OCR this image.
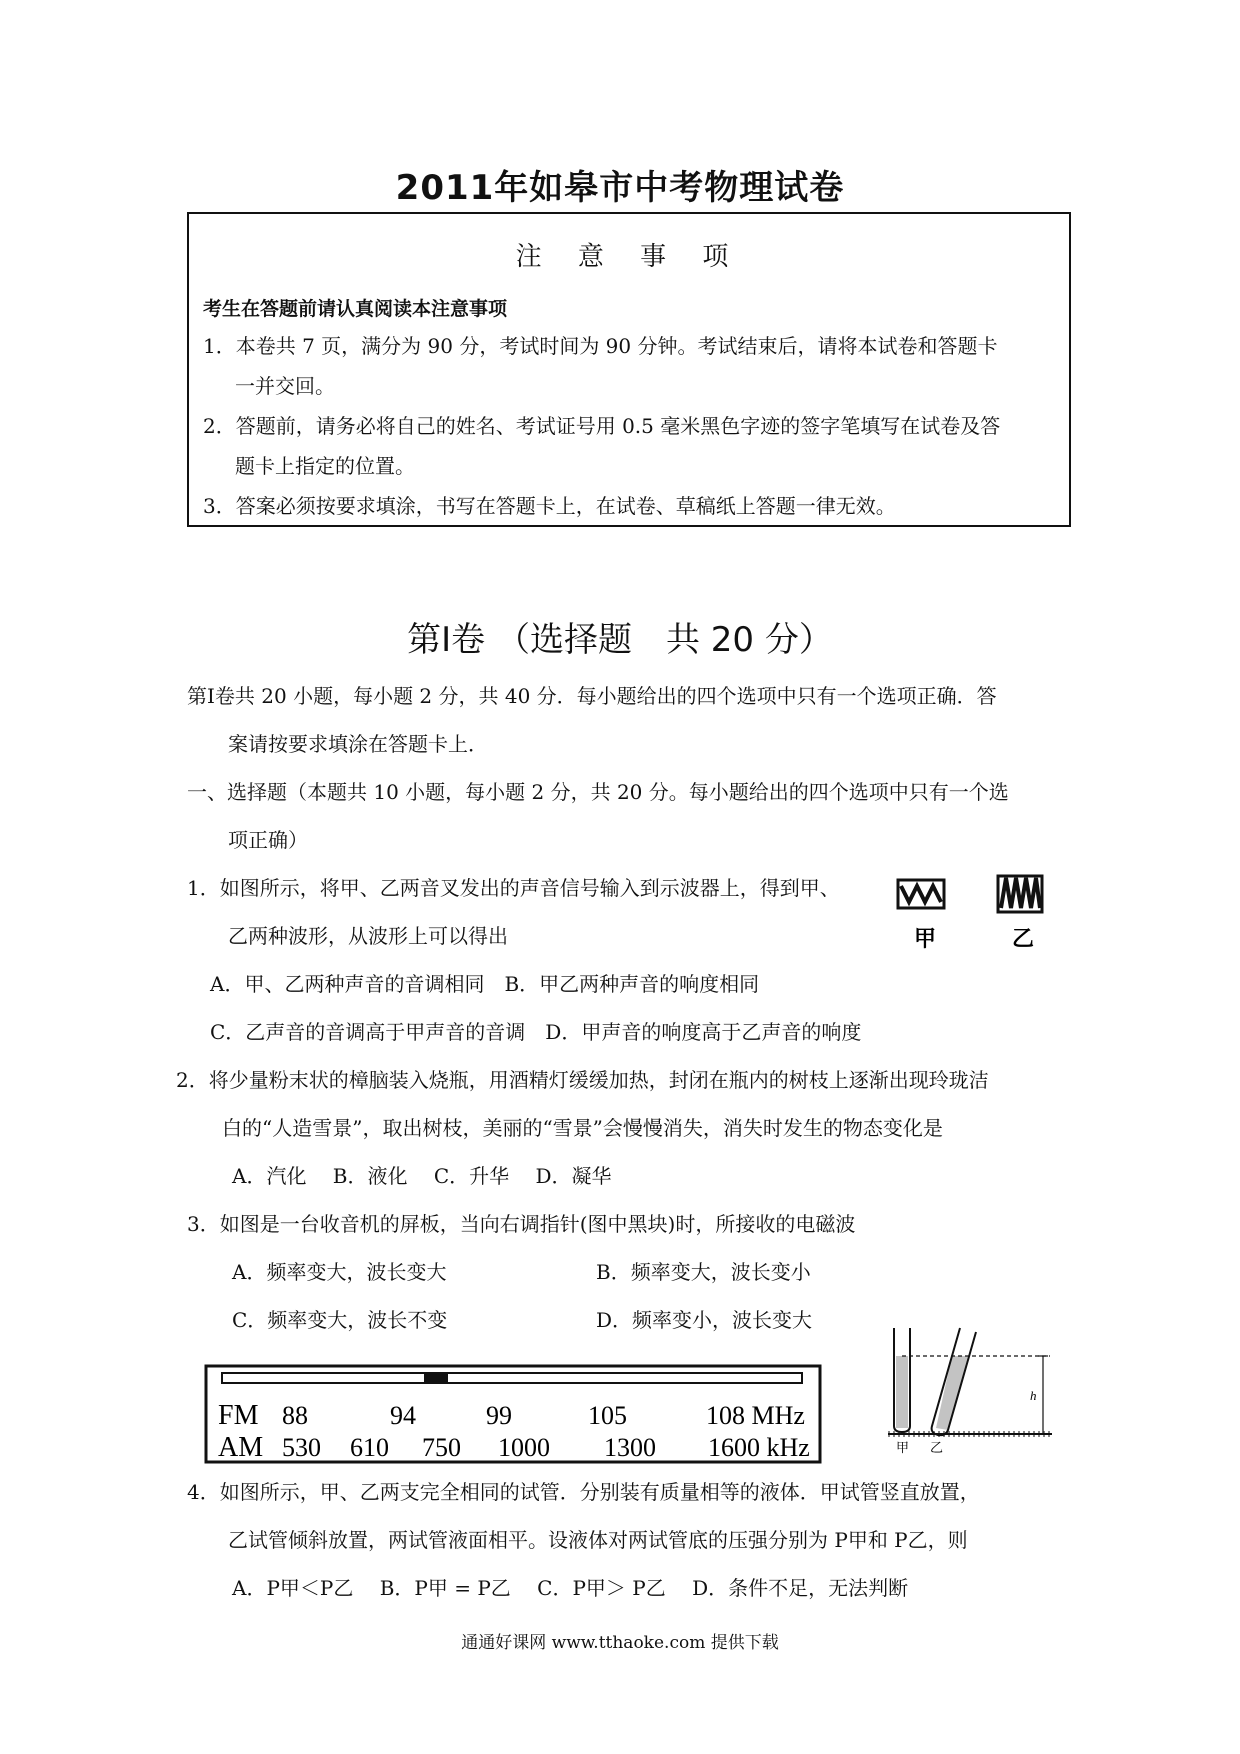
2011年如皋市中考物理试卷
注 意 事 项
考生在答题前请认真阅读本注意事项
1．本卷共 7 页，满分为 90 分，考试时间为 90 分钟。考试结束后，请将本试卷和答题卡
一并交回。
2．答题前，请务必将自己的姓名、考试证号用 0.5 毫米黑色字迹的签字笔填写在试卷及答
题卡上指定的位置。
3．答案必须按要求填涂，书写在答题卡上，在试卷、草稿纸上答题一律无效。
第Ⅰ卷 （选择题　共 20 分）
第Ⅰ卷共 20 小题，每小题 2 分，共 40 分．每小题给出的四个选项中只有一个选项正确．答
案请按要求填涂在答题卡上．
一、选择题（本题共 10 小题，每小题 2 分，共 20 分。每小题给出的四个选项中只有一个选
项正确）
1．如图所示，将甲、乙两音叉发出的声音信号输入到示波器上，得到甲、
乙两种波形，从波形上可以得出
A．甲、乙两种声音的音调相同　B．甲乙两种声音的响度相同
C．乙声音的音调高于甲声音的音调　D．甲声音的响度高于乙声音的响度
甲	乙
2．将少量粉末状的樟脑装入烧瓶，用酒精灯缓缓加热，封闭在瓶内的树枝上逐渐出现玲珑洁
白的“人造雪景”，取出树枝，美丽的“雪景”会慢慢消失，消失时发生的物态变化是
A．汽化　 B．液化　 C．升华　 D．凝华
3．如图是一台收音机的屏板，当向右调指针(图中黑块)时，所接收的电磁波
A．频率变大，波长变大	B．频率变大，波长变小
C．频率变大，波长不变	D．频率变小，波长变大
FM 88	94	99	105	108 MHz
AM 530 610 750 1000 1300 1600 kHz
h
甲 乙
4．如图所示，甲、乙两支完全相同的试管．分别装有质量相等的液体．甲试管竖直放置，
乙试管倾斜放置，两试管液面相平。设液体对两试管底的压强分别为 P甲和 P乙，则
A．P甲＜P乙　 B．P甲 = P乙　 C．P甲＞ P乙　 D．条件不足，无法判断
通通好课网 www.tthaoke.com 提供下载
